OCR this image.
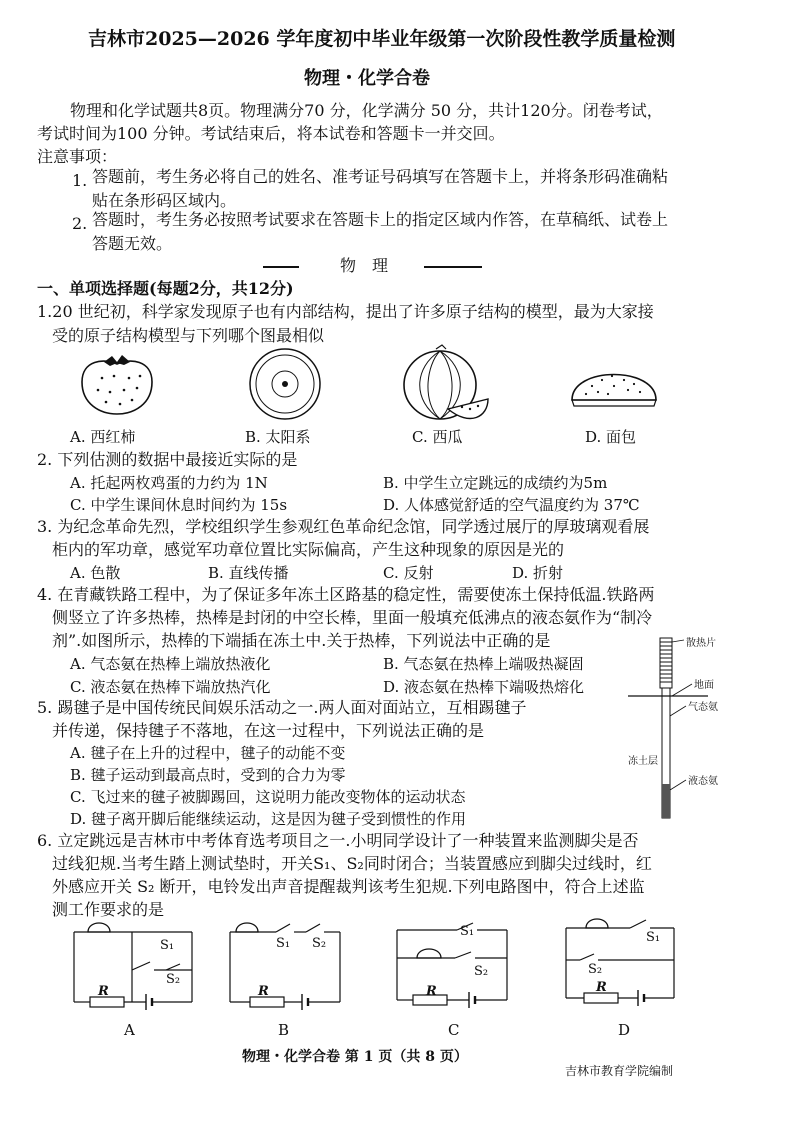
吉林市2025—2026 学年度初中毕业年级第一次阶段性教学质量检测
物理・化学合卷
物理和化学试题共8页。物理满分70 分，化学满分 50 分，共计120分。闭卷考试，
考试时间为100 分钟。考试结束后，将本试卷和答题卡一并交回。
注意事项：
1. 答题前，考生务必将自己的姓名、准考证号码填写在答题卡上，并将条形码准确粘
贴在条形码区域内。
2. 答题时，考生务必按照考试要求在答题卡上的指定区域内作答，在草稿纸、试卷上
答题无效。
物　理
一、单项选择题(每题2分，共12分)
1.20 世纪初，科学家发现原子也有内部结构，提出了许多原子结构的模型，最为大家接
受的原子结构模型与下列哪个图最相似
A. 西红柿	B. 太阳系	C. 西瓜	D. 面包
2. 下列估测的数据中最接近实际的是
A. 托起两枚鸡蛋的力约为 1N	B. 中学生立定跳远的成绩约为5m
C. 中学生课间休息时间约为 15s	D. 人体感觉舒适的空气温度约为 37℃
3. 为纪念革命先烈，学校组织学生参观红色革命纪念馆，同学透过展厅的厚玻璃观看展
柜内的军功章，感觉军功章位置比实际偏高，产生这种现象的原因是光的
A. 色散	B. 直线传播	C. 反射	D. 折射
4. 在青藏铁路工程中，为了保证多年冻土区路基的稳定性，需要使冻土保持低温.铁路两
侧竖立了许多热棒，热棒是封闭的中空长棒，里面一般填充低沸点的液态氨作为“制冷
剂”.如图所示，热棒的下端插在冻土中.关于热棒，下列说法中正确的是
A. 气态氨在热棒上端放热液化	B. 气态氨在热棒上端吸热凝固
C. 液态氨在热棒下端放热汽化	D. 液态氨在热棒下端吸热熔化
散热片
地面
气态氨
冻土层
液态氨
5. 踢毽子是中国传统民间娱乐活动之一.两人面对面站立，互相踢毽子
并传递，保持毽子不落地，在这一过程中，下列说法正确的是
A. 毽子在上升的过程中，毽子的动能不变
B. 毽子运动到最高点时，受到的合力为零
C. 飞过来的毽子被脚踢回，这说明力能改变物体的运动状态
D. 毽子离开脚后能继续运动，这是因为毽子受到惯性的作用
6. 立定跳远是吉林市中考体育选考项目之一.小明同学设计了一种装置来监测脚尖是否
过线犯规.当考生踏上测试垫时，开关S₁、S₂同时闭合；当装置感应到脚尖过线时，红
外感应开关 S₂ 断开，电铃发出声音提醒裁判该考生犯规.下列电路图中，符合上述监
测工作要求的是
R
S₁
S₂
A
R
S₁ S₂
B
R
S₁
S₂
C
R
S₁
S₂
D
物理・化学合卷 第 1 页（共 8 页）
吉林市教育学院编制
